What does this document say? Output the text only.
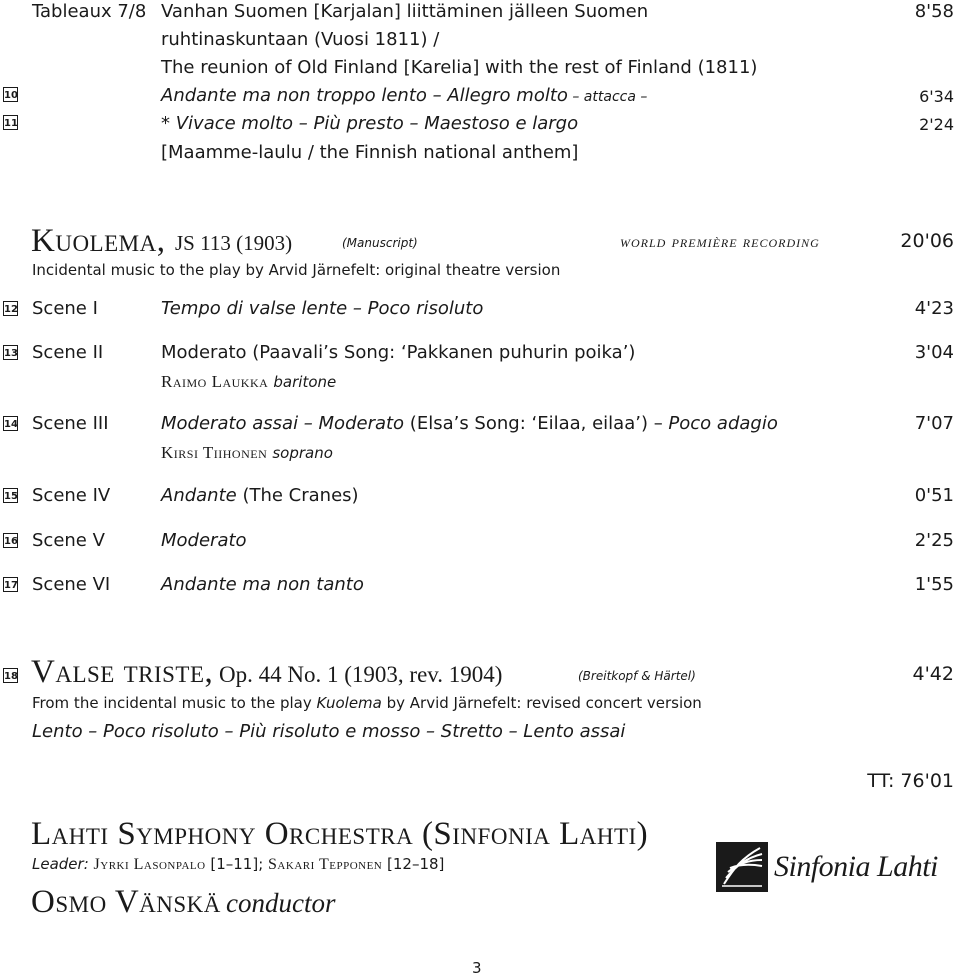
Tableaux 7/8 Vanhan Suomen [Karjalan] liittäminen jälleen Suomen	8'58
ruhtinaskuntaan (Vuosi 1811) /
The reunion of Old Finland [Karelia] with the rest of Finland (1811)
10	Andante ma non troppo lento – Allegro molto – attacca –	6'34
11	* Vivace molto – Più presto – Maestoso e largo	2'24
[Maamme-laulu / the Finnish national anthem]
Kuolema, JS 113 (1903)	(Manuscript)	world première recording	20'06
Incidental music to the play by Arvid Järnefelt: original theatre version
12 Scene I	Tempo di valse lente – Poco risoluto	4'23
13 Scene II	Moderato (Paavali’s Song: ‘Pakkanen puhurin poika’)	3'04
Raimo Laukka baritone
14 Scene III	Moderato assai – Moderato (Elsa’s Song: ‘Eilaa, eilaa’) – Poco adagio	7'07
Kirsi Tiihonen soprano
15 Scene IV	Andante (The Cranes)	0'51
16 Scene V	Moderato	2'25
17 Scene VI	Andante ma non tanto	1'55
18 Valse triste, Op. 44 No. 1 (1903, rev. 1904)	(Breitkopf & Härtel)	4'42
From the incidental music to the play Kuolema by Arvid Järnefelt: revised concert version
Lento – Poco risoluto – Più risoluto e mosso – Stretto – Lento assai
TT: 76'01
Lahti Symphony Orchestra (Sinfonia Lahti)
Leader: Jyrki Lasonpalo [1–11]; Sakari Tepponen [12–18]
Osmo Vänskä conductor
Sinfonia Lahti
3
